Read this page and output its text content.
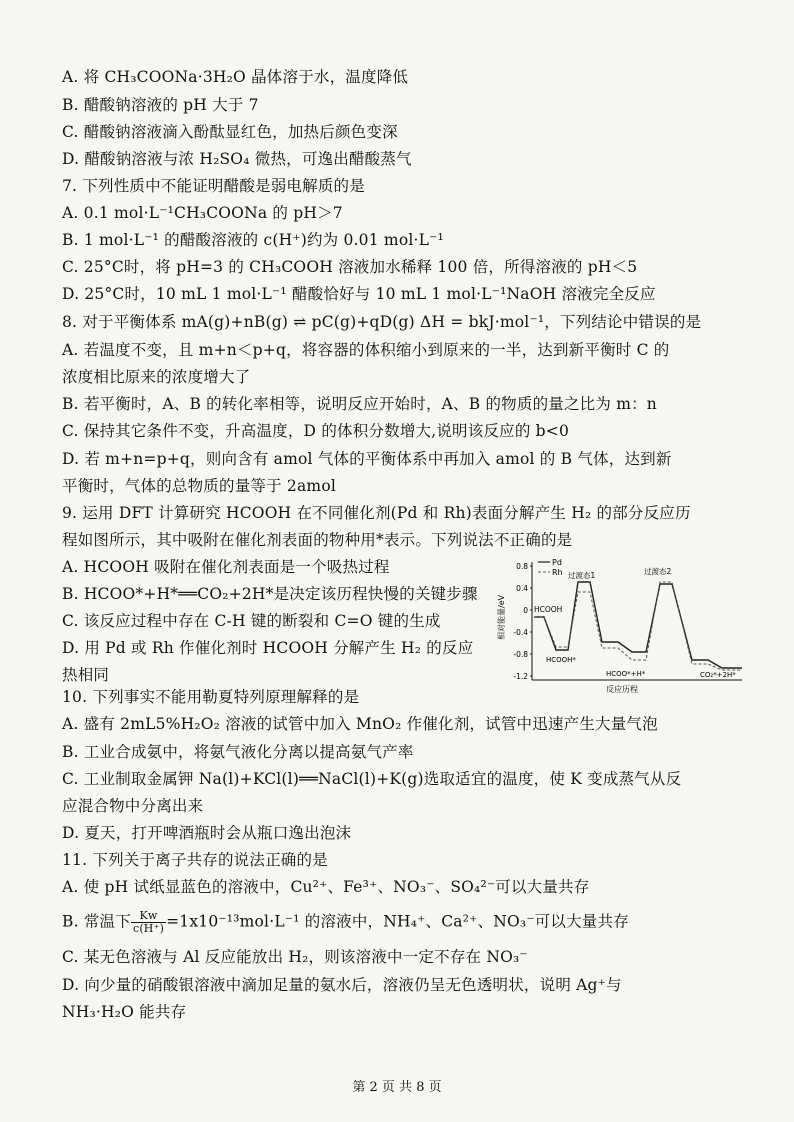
A. 将 CH₃COONa·3H₂O 晶体溶于水，温度降低
B. 醋酸钠溶液的 pH 大于 7
C. 醋酸钠溶液滴入酚酞显红色，加热后颜色变深
D. 醋酸钠溶液与浓 H₂SO₄ 微热，可逸出醋酸蒸气
7. 下列性质中不能证明醋酸是弱电解质的是
A. 0.1 mol·L⁻¹CH₃COONa 的 pH＞7
B. 1 mol·L⁻¹ 的醋酸溶液的 c(H⁺)约为 0.01 mol·L⁻¹
C. 25°C时，将 pH=3 的 CH₃COOH 溶液加水稀释 100 倍，所得溶液的 pH＜5
D. 25°C时，10 mL 1 mol·L⁻¹ 醋酸恰好与 10 mL 1 mol·L⁻¹NaOH 溶液完全反应
8. 对于平衡体系 mA(g)+nB(g) ⇌ pC(g)+qD(g) ΔH = bkJ·mol⁻¹，下列结论中错误的是
A. 若温度不变，且 m+n＜p+q，将容器的体积缩小到原来的一半，达到新平衡时 C 的
浓度相比原来的浓度增大了
B. 若平衡时，A、B 的转化率相等，说明反应开始时，A、B 的物质的量之比为 m：n
C. 保持其它条件不变，升高温度，D 的体积分数增大,说明该反应的 b<0
D. 若 m+n=p+q，则向含有 amol 气体的平衡体系中再加入 amol 的 B 气体，达到新
平衡时，气体的总物质的量等于 2amol
9. 运用 DFT 计算研究 HCOOH 在不同催化剂(Pd 和 Rh)表面分解产生 H₂ 的部分反应历
程如图所示，其中吸附在催化剂表面的物种用*表示。下列说法不正确的是
A. HCOOH 吸附在催化剂表面是一个吸热过程
B. HCOO*+H*══CO₂+2H*是决定该历程快慢的关键步骤
C. 该反应过程中存在 C-H 键的断裂和 C=O 键的生成
D. 用 Pd 或 Rh 作催化剂时 HCOOH 分解产生 H₂ 的反应
热相同
0.8
0.4
0
-0.4
-0.8
-1.2
相对能量/eV
反应历程
Pd
Rh
HCOOH
过渡态1	过渡态2
HCOOH*
HCOO*+H*	CO₂*+2H*
10. 下列事实不能用勒夏特列原理解释的是
A. 盛有 2mL5%H₂O₂ 溶液的试管中加入 MnO₂ 作催化剂，试管中迅速产生大量气泡
B. 工业合成氨中，将氨气液化分离以提高氨气产率
C. 工业制取金属钾 Na(l)+KCl(l)══NaCl(l)+K(g)选取适宜的温度，使 K 变成蒸气从反
应混合物中分离出来
D. 夏天，打开啤酒瓶时会从瓶口逸出泡沫
11. 下列关于离子共存的说法正确的是
A. 使 pH 试纸显蓝色的溶液中，Cu²⁺、Fe³⁺、NO₃⁻、SO₄²⁻可以大量共存
B. 常温下 $\frac{Kw}{c(H^+)} =1x10^{-13}mol\cdot L^{-1}$ 的溶液中，NH₄⁺、Ca²⁺、NO₃⁻可以大量共存
C. 某无色溶液与 Al 反应能放出 H₂，则该溶液中一定不存在 NO₃⁻
D. 向少量的硝酸银溶液中滴加足量的氨水后，溶液仍呈无色透明状，说明 Ag⁺与
NH₃·H₂O 能共存
第 2 页 共 8 页
